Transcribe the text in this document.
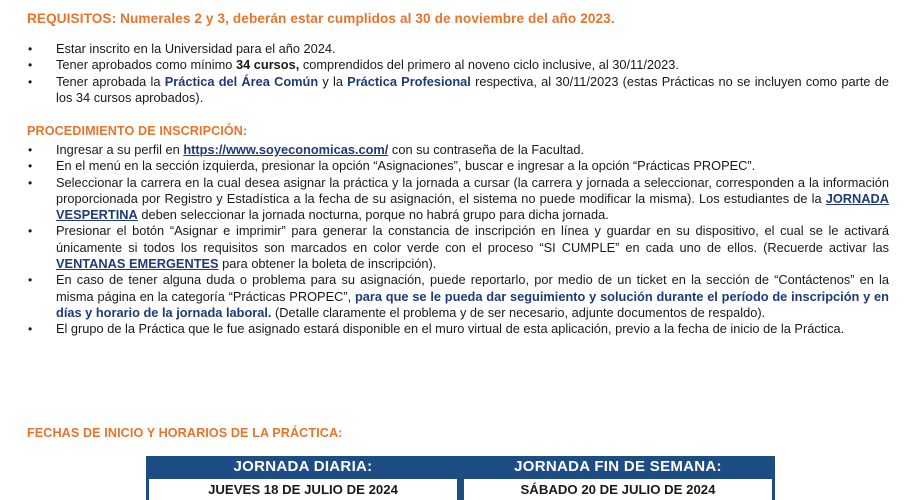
REQUISITOS: Numerales 2 y 3, deberán estar cumplidos al 30 de noviembre del año 2023.
• Estar inscrito en la Universidad para el año 2024.
• Tener aprobados como mínimo 34 cursos, comprendidos del primero al noveno ciclo inclusive, al 30/11/2023.
• Tener aprobada la Práctica del Área Común y la Práctica Profesional respectiva, al 30/11/2023 (estas Prácticas no se incluyen como parte de los 34 cursos aprobados).
PROCEDIMIENTO DE INSCRIPCIÓN:
• Ingresar a su perfil en https://www.soyeconomicas.com/ con su contraseña de la Facultad.
• En el menú en la sección izquierda, presionar la opción “Asignaciones”, buscar e ingresar a la opción “Prácticas PROPEC”.
• Seleccionar la carrera en la cual desea asignar la práctica y la jornada a cursar (la carrera y jornada a seleccionar, corresponden a la información proporcionada por Registro y Estadística a la fecha de su asignación, el sistema no puede modificar la misma). Los estudiantes de la JORNADA VESPERTINA deben seleccionar la jornada nocturna, porque no habrá grupo para dicha jornada.
• Presionar el botón “Asignar e imprimir” para generar la constancia de inscripción en línea y guardar en su dispositivo, el cual se le activará únicamente si todos los requisitos son marcados en color verde con el proceso “SI CUMPLE” en cada uno de ellos. (Recuerde activar las VENTANAS EMERGENTES para obtener la boleta de inscripción).
• En caso de tener alguna duda o problema para su asignación, puede reportarlo, por medio de un ticket en la sección de “Contáctenos” en la misma página en la categoría “Prácticas PROPEC”, para que se le pueda dar seguimiento y solución durante el período de inscripción y en días y horario de la jornada laboral. (Detalle claramente el problema y de ser necesario, adjunte documentos de respaldo).
• El grupo de la Práctica que le fue asignado estará disponible en el muro virtual de esta aplicación, previo a la fecha de inicio de la Práctica.
FECHAS DE INICIO Y HORARIOS DE LA PRÁCTICA:
JORNADA DIARIA:
JUEVES 18 DE JULIO DE 2024
JORNADA FIN DE SEMANA:
SÁBADO 20 DE JULIO DE 2024
